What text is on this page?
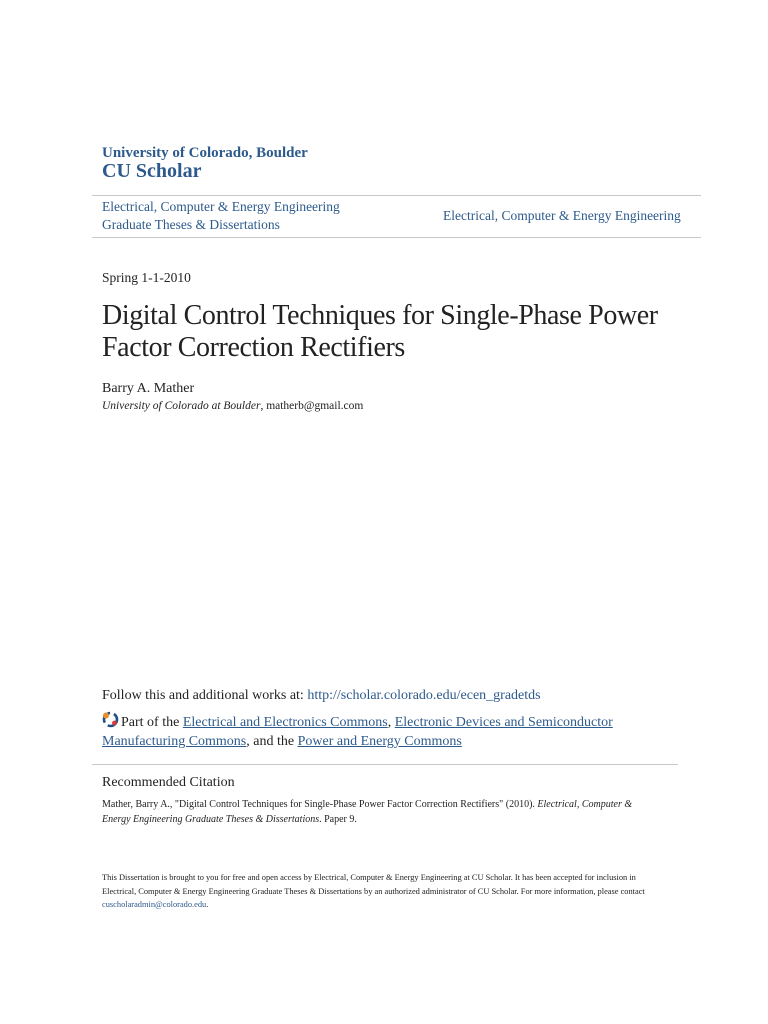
University of Colorado, Boulder
CU Scholar
Electrical, Computer & Energy Engineering
Graduate Theses & Dissertations
Electrical, Computer & Energy Engineering
Spring 1-1-2010
Digital Control Techniques for Single-Phase Power Factor Correction Rectifiers
Barry A. Mather
University of Colorado at Boulder, matherb@gmail.com
Follow this and additional works at: http://scholar.colorado.edu/ecen_gradetds
Part of the Electrical and Electronics Commons, Electronic Devices and Semiconductor Manufacturing Commons, and the Power and Energy Commons
Recommended Citation
Mather, Barry A., "Digital Control Techniques for Single-Phase Power Factor Correction Rectifiers" (2010). Electrical, Computer & Energy Engineering Graduate Theses & Dissertations. Paper 9.
This Dissertation is brought to you for free and open access by Electrical, Computer & Energy Engineering at CU Scholar. It has been accepted for inclusion in Electrical, Computer & Energy Engineering Graduate Theses & Dissertations by an authorized administrator of CU Scholar. For more information, please contact cuscholaradmin@colorado.edu.
